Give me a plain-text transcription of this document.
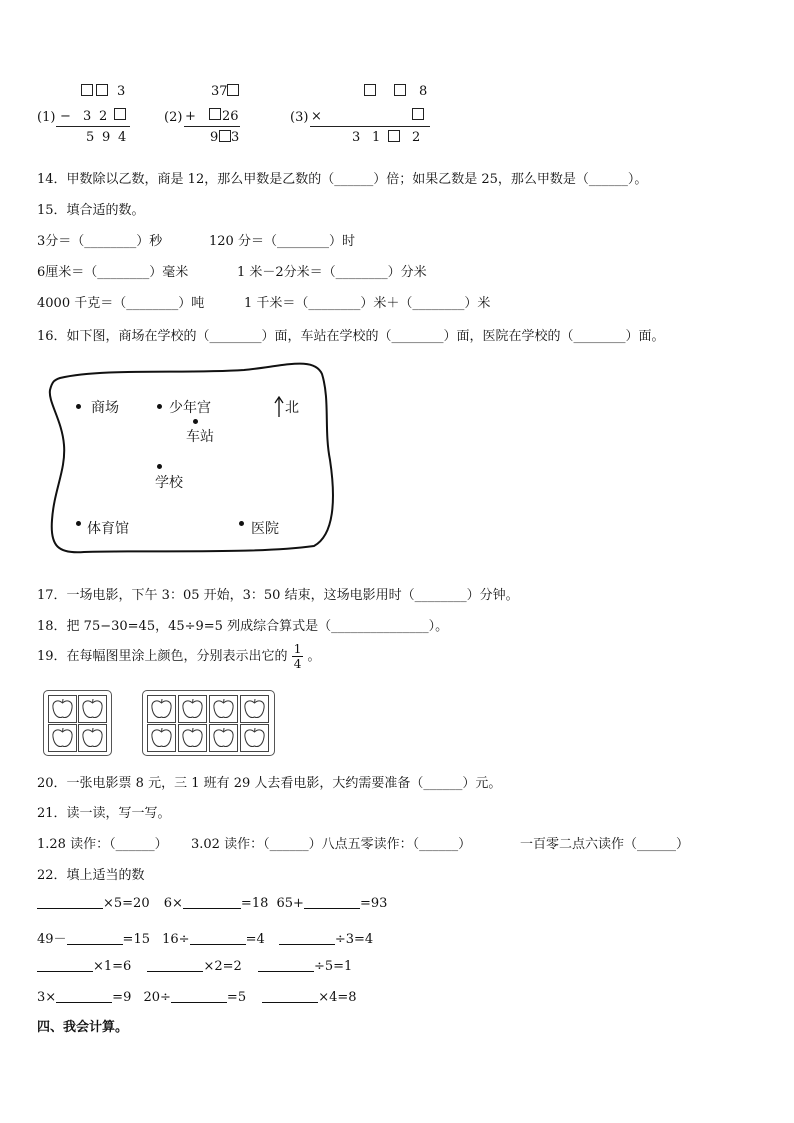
3
(1) − 3 2
5 9 4
37
(2) + 26
9 3
8
(3) ×
3 1 2
14．甲数除以乙数，商是 12，那么甲数是乙数的（______）倍；如果乙数是 25，那么甲数是（______）。
15．填合适的数。
3分＝（________）秒	120 分＝（________）时
6厘米＝（________）毫米	1 米－2分米＝（________）分米
4000 千克＝（________）吨	1 千米＝（________）米＋（________）米
16．如下图，商场在学校的（________）面，车站在学校的（________）面，医院在学校的（________）面。
商场	少年宫	北
车站
学校
体育馆	医院
17．一场电影，下午 3：05 开始，3：50 结束，这场电影用时（________）分钟。
18．把 75−30=45，45÷9=5 列成综合算式是（_______________）。
19．在每幅图里涂上颜色，分别表示出它的 $\frac{1}{4}$ 。
20．一张电影票 8 元，三 1 班有 29 人去看电影，大约需要准备（______）元。
21．读一读，写一写。
1.28 读作：（______） 3.02 读作：（______）八点五零读作：（______）	一百零二点六读作（______）
22．填上适当的数
×5=20 6×	=18 65+	=93
49－	=15 16÷	=4	÷3=4
×1=6	×2=2	÷5=1
3×	=9 20÷	=5	×4=8
四、我会计算。
